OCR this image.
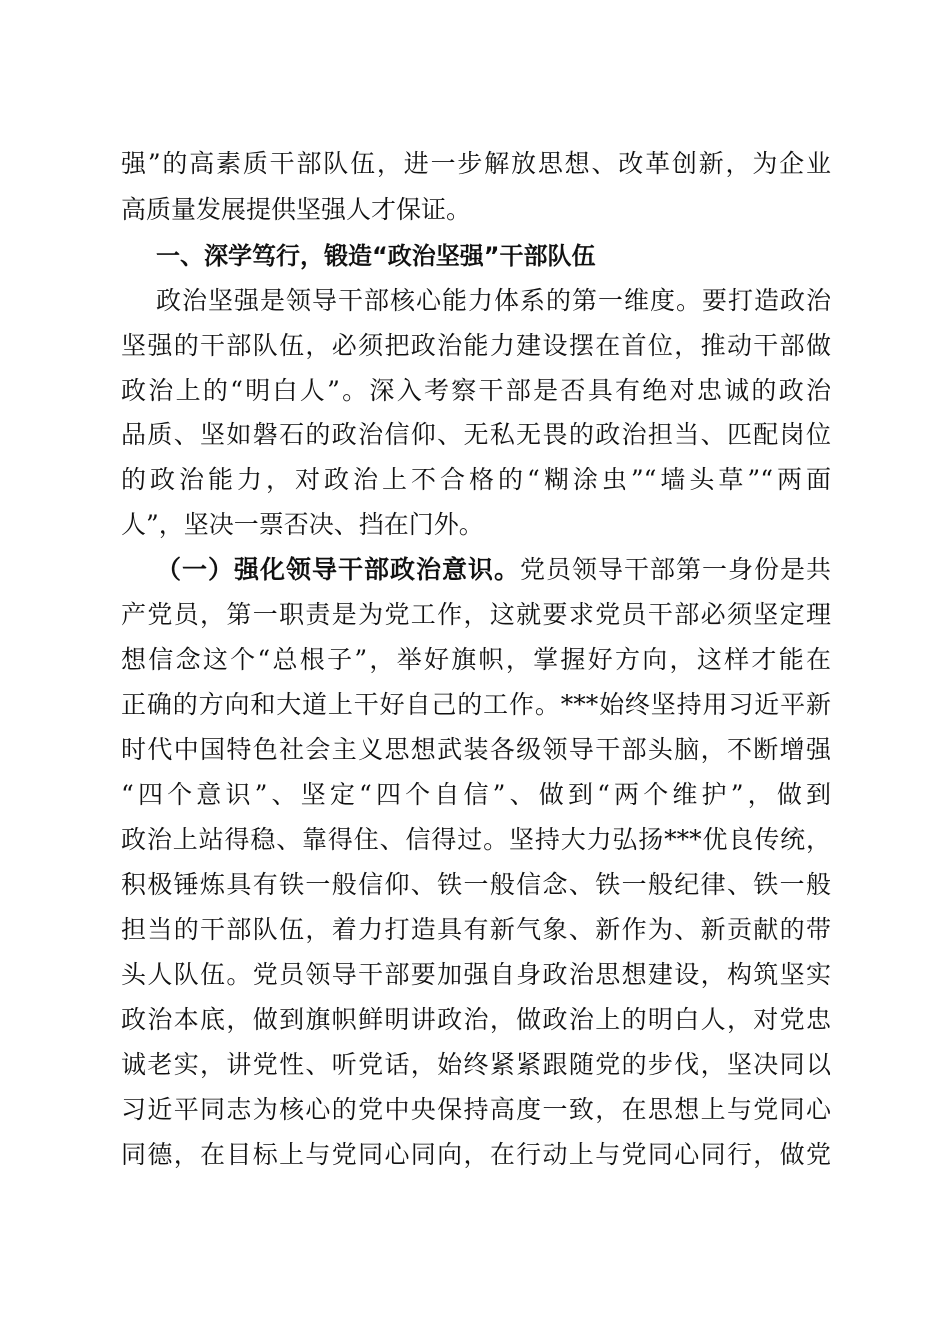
强”的高素质干部队伍，进一步解放思想、改革创新，为企业
高质量发展提供坚强人才保证。
一、深学笃行，锻造“政治坚强”干部队伍
政治坚强是领导干部核心能力体系的第一维度。要打造政治
坚强的干部队伍，必须把政治能力建设摆在首位，推动干部做
政治上的“明白人”。深入考察干部是否具有绝对忠诚的政治
品质、坚如磐石的政治信仰、无私无畏的政治担当、匹配岗位
的政治能力，对政治上不合格的“糊涂虫”“墙头草”“两面
人”，坚决一票否决、挡在门外。
（一）强化领导干部政治意识。党员领导干部第一身份是共
产党员，第一职责是为党工作，这就要求党员干部必须坚定理
想信念这个“总根子”，举好旗帜，掌握好方向，这样才能在
正确的方向和大道上干好自己的工作。***始终坚持用习近平新
时代中国特色社会主义思想武装各级领导干部头脑，不断增强
“四个意识”、坚定“四个自信”、做到“两个维护”，做到
政治上站得稳、靠得住、信得过。坚持大力弘扬***优良传统，
积极锤炼具有铁一般信仰、铁一般信念、铁一般纪律、铁一般
担当的干部队伍，着力打造具有新气象、新作为、新贡献的带
头人队伍。党员领导干部要加强自身政治思想建设，构筑坚实
政治本底，做到旗帜鲜明讲政治，做政治上的明白人，对党忠
诚老实，讲党性、听党话，始终紧紧跟随党的步伐，坚决同以
习近平同志为核心的党中央保持高度一致，在思想上与党同心
同德，在目标上与党同心同向，在行动上与党同心同行，做党
